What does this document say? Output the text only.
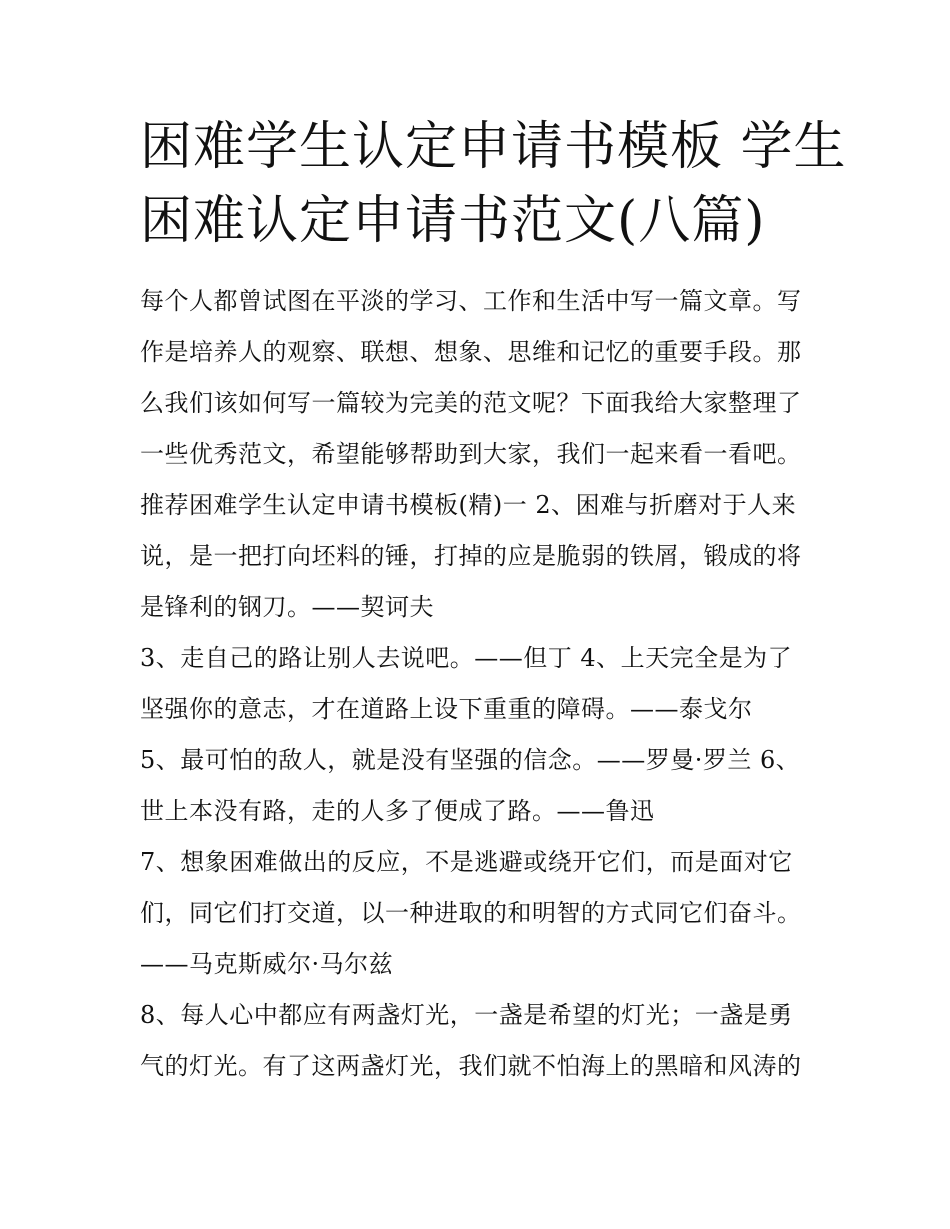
困难学生认定申请书模板 学生
困难认定申请书范文(八篇)
每个人都曾试图在平淡的学习、工作和生活中写一篇文章。写
作是培养人的观察、联想、想象、思维和记忆的重要手段。那
么我们该如何写一篇较为完美的范文呢？下面我给大家整理了
一些优秀范文，希望能够帮助到大家，我们一起来看一看吧。
推荐困难学生认定申请书模板(精)一 2、困难与折磨对于人来
说，是一把打向坯料的锤，打掉的应是脆弱的铁屑，锻成的将
是锋利的钢刀。——契诃夫
3、走自己的路让别人去说吧。——但丁 4、上天完全是为了
坚强你的意志，才在道路上设下重重的障碍。——泰戈尔
5、最可怕的敌人，就是没有坚强的信念。——罗曼·罗兰 6、
世上本没有路，走的人多了便成了路。——鲁迅
7、想象困难做出的反应，不是逃避或绕开它们，而是面对它
们，同它们打交道，以一种进取的和明智的方式同它们奋斗。
——马克斯威尔·马尔兹
8、每人心中都应有两盏灯光，一盏是希望的灯光；一盏是勇
气的灯光。有了这两盏灯光，我们就不怕海上的黑暗和风涛的
